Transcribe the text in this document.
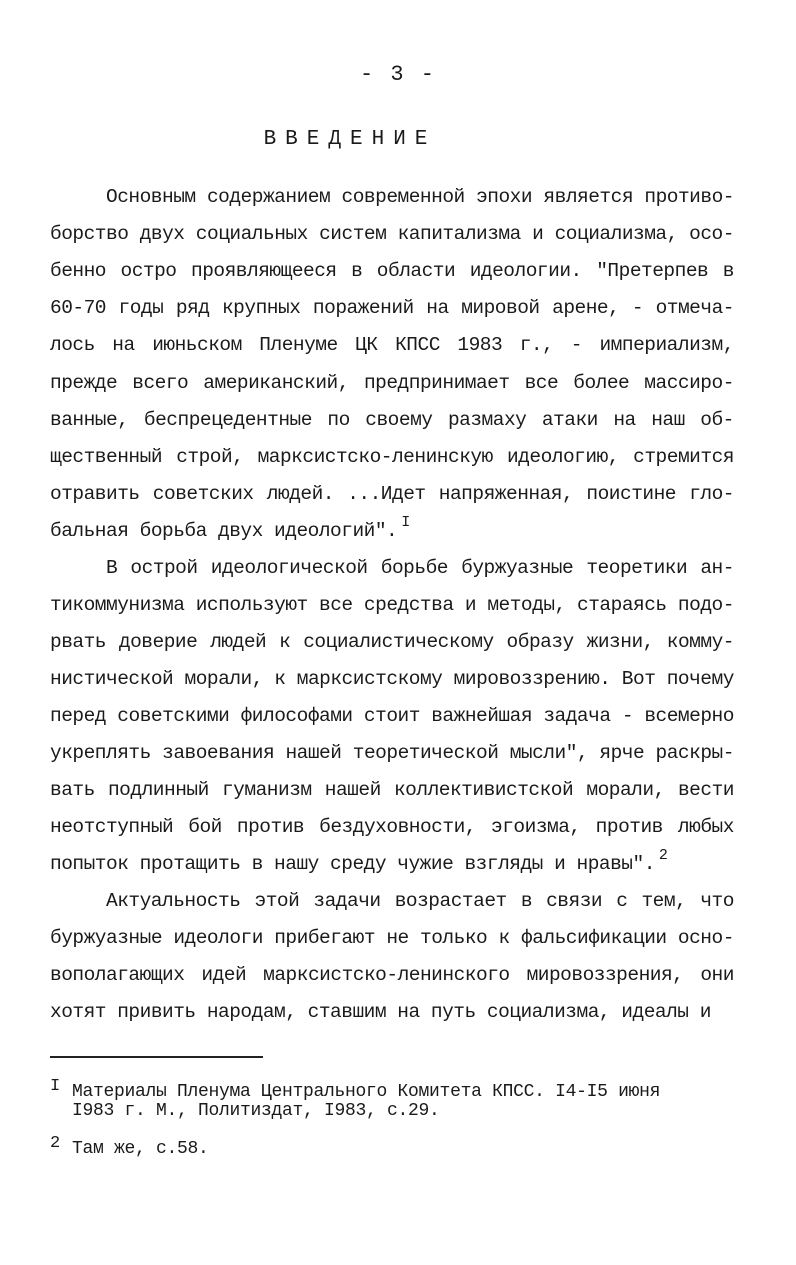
- 3 -
ВВЕДЕНИЕ
Основным содержанием современной эпохи является противо-
борство двух социальных систем капитализма и социализма, осо-
бенно остро проявляющееся в области идеологии. "Претерпев в
60-70 годы ряд крупных поражений на мировой арене, - отмеча-
лось на июньском Пленуме ЦК КПСС 1983 г., - империализм,
прежде всего американский, предпринимает все более массиро-
ванные, беспрецедентные по своему размаху атаки на наш об-
щественный строй, марксистско-ленинскую идеологию, стремится
отравить советских людей. ...Идет напряженная, поистине гло-
бальная борьба двух идеологий". $^I$
В острой идеологической борьбе буржуазные теоретики ан-
тикоммунизма используют все средства и методы, стараясь подо-
рвать доверие людей к социалистическому образу жизни, комму-
нистической морали, к марксистскому мировоззрению. Вот почему
перед советскими философами стоит важнейшая задача - всемерно
укреплять завоевания нашей теоретической мысли", ярче раскры-
вать подлинный гуманизм нашей коллективистской морали, вести
неотступный бой против бездуховности, эгоизма, против любых
попыток протащить в нашу среду чужие взгляды и нравы". $^2$
Актуальность этой задачи возрастает в связи с тем, что
буржуазные идеологи прибегают не только к фальсификации осно-
вополагающих идей марксистско-ленинского мировоззрения, они
хотят привить народам, ставшим на путь социализма, идеалы и
I Материалы Пленума Центрального Комитета КПСС. I4-I5 июня
I983 г. М., Политиздат, I983, с.29.
2 Там же, с.58.
